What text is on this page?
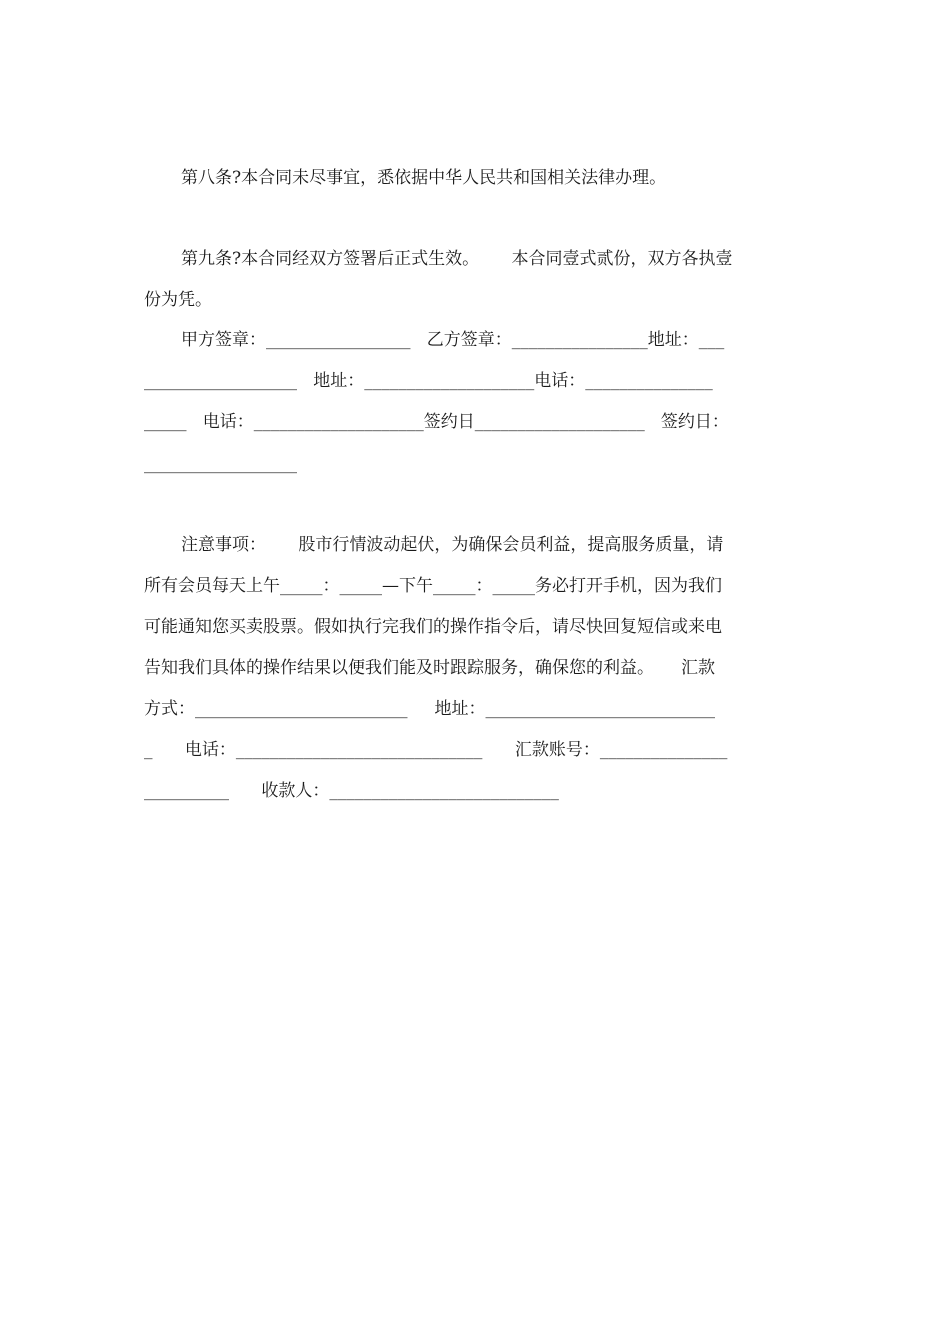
第八条?本合同未尽事宜，悉依据中华人民共和国相关法律办理。
第九条?本合同经双方签署后正式生效。      本合同壹式贰份，双方各执壹
份为凭。
甲方签章：_________________   乙方签章：________________地址：___
__________________   地址：____________________电话：_______________
_____   电话：____________________签约日____________________   签约日：
__________________
注意事项：      股市行情波动起伏，为确保会员利益，提高服务质量，请
所有会员每天上午_____：_____—下午_____：_____务必打开手机，因为我们
可能通知您买卖股票。假如执行完我们的操作指令后，请尽快回复短信或来电
告知我们具体的操作结果以便我们能及时跟踪服务，确保您的利益。     汇款
方式：_________________________     地址：___________________________
_      电话：_____________________________      汇款账号：_______________
__________      收款人：___________________________
